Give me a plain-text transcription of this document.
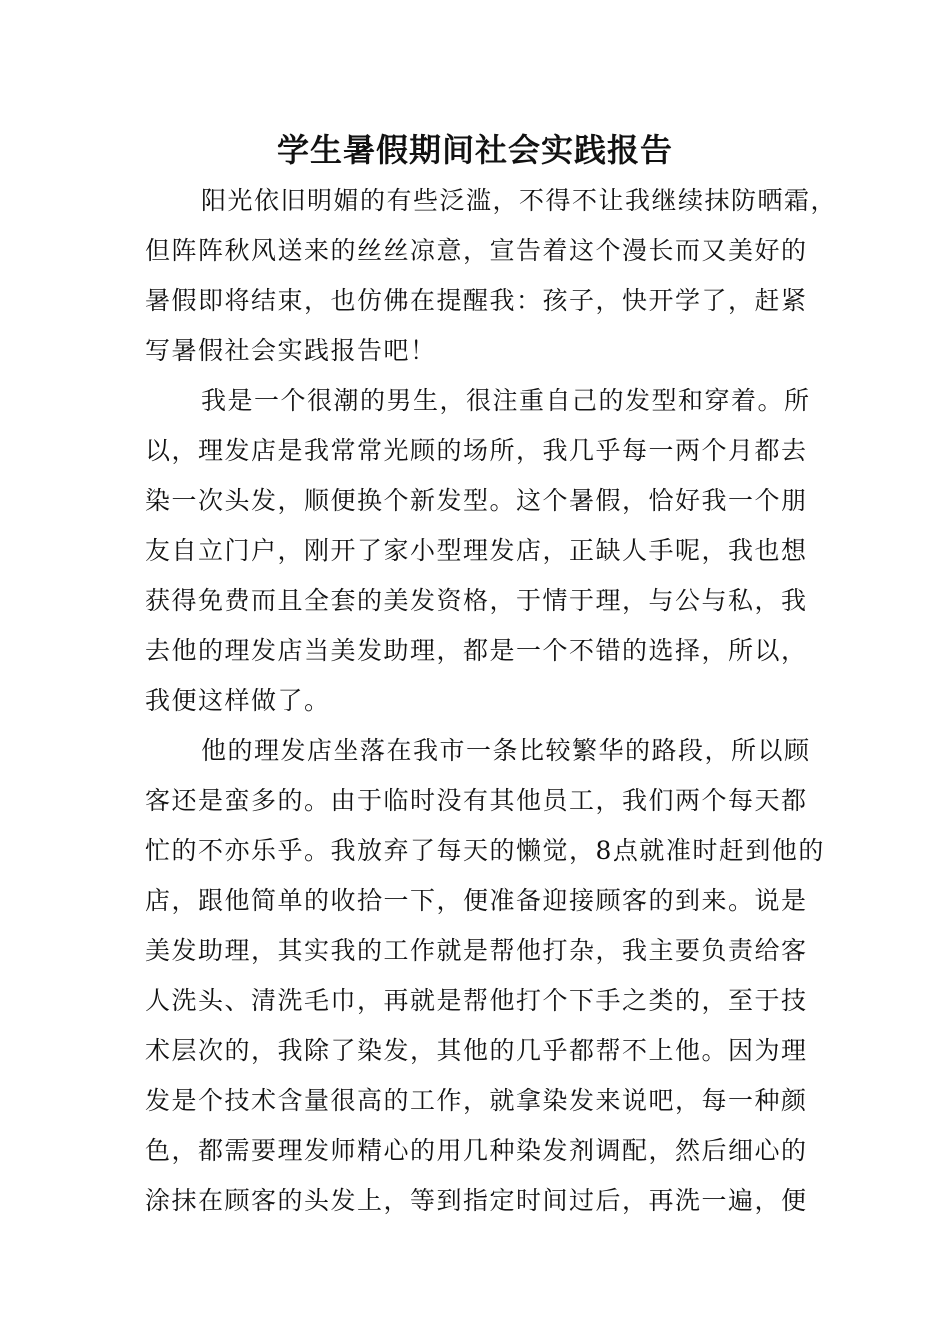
学生暑假期间社会实践报告
阳光依旧明媚的有些泛滥，不得不让我继续抹防晒霜，
但阵阵秋风送来的丝丝凉意，宣告着这个漫长而又美好的
暑假即将结束，也仿佛在提醒我：孩子，快开学了，赶紧
写暑假社会实践报告吧！
我是一个很潮的男生，很注重自己的发型和穿着。所
以，理发店是我常常光顾的场所，我几乎每一两个月都去
染一次头发，顺便换个新发型。这个暑假，恰好我一个朋
友自立门户，刚开了家小型理发店，正缺人手呢，我也想
获得免费而且全套的美发资格，于情于理，与公与私，我
去他的理发店当美发助理，都是一个不错的选择，所以，
我便这样做了。
他的理发店坐落在我市一条比较繁华的路段，所以顾
客还是蛮多的。由于临时没有其他员工，我们两个每天都
忙的不亦乐乎。我放弃了每天的懒觉，8点就准时赶到他的
店，跟他简单的收拾一下，便准备迎接顾客的到来。说是
美发助理，其实我的工作就是帮他打杂，我主要负责给客
人洗头、清洗毛巾，再就是帮他打个下手之类的，至于技
术层次的，我除了染发，其他的几乎都帮不上他。因为理
发是个技术含量很高的工作，就拿染发来说吧，每一种颜
色，都需要理发师精心的用几种染发剂调配，然后细心的
涂抹在顾客的头发上，等到指定时间过后，再洗一遍，便
